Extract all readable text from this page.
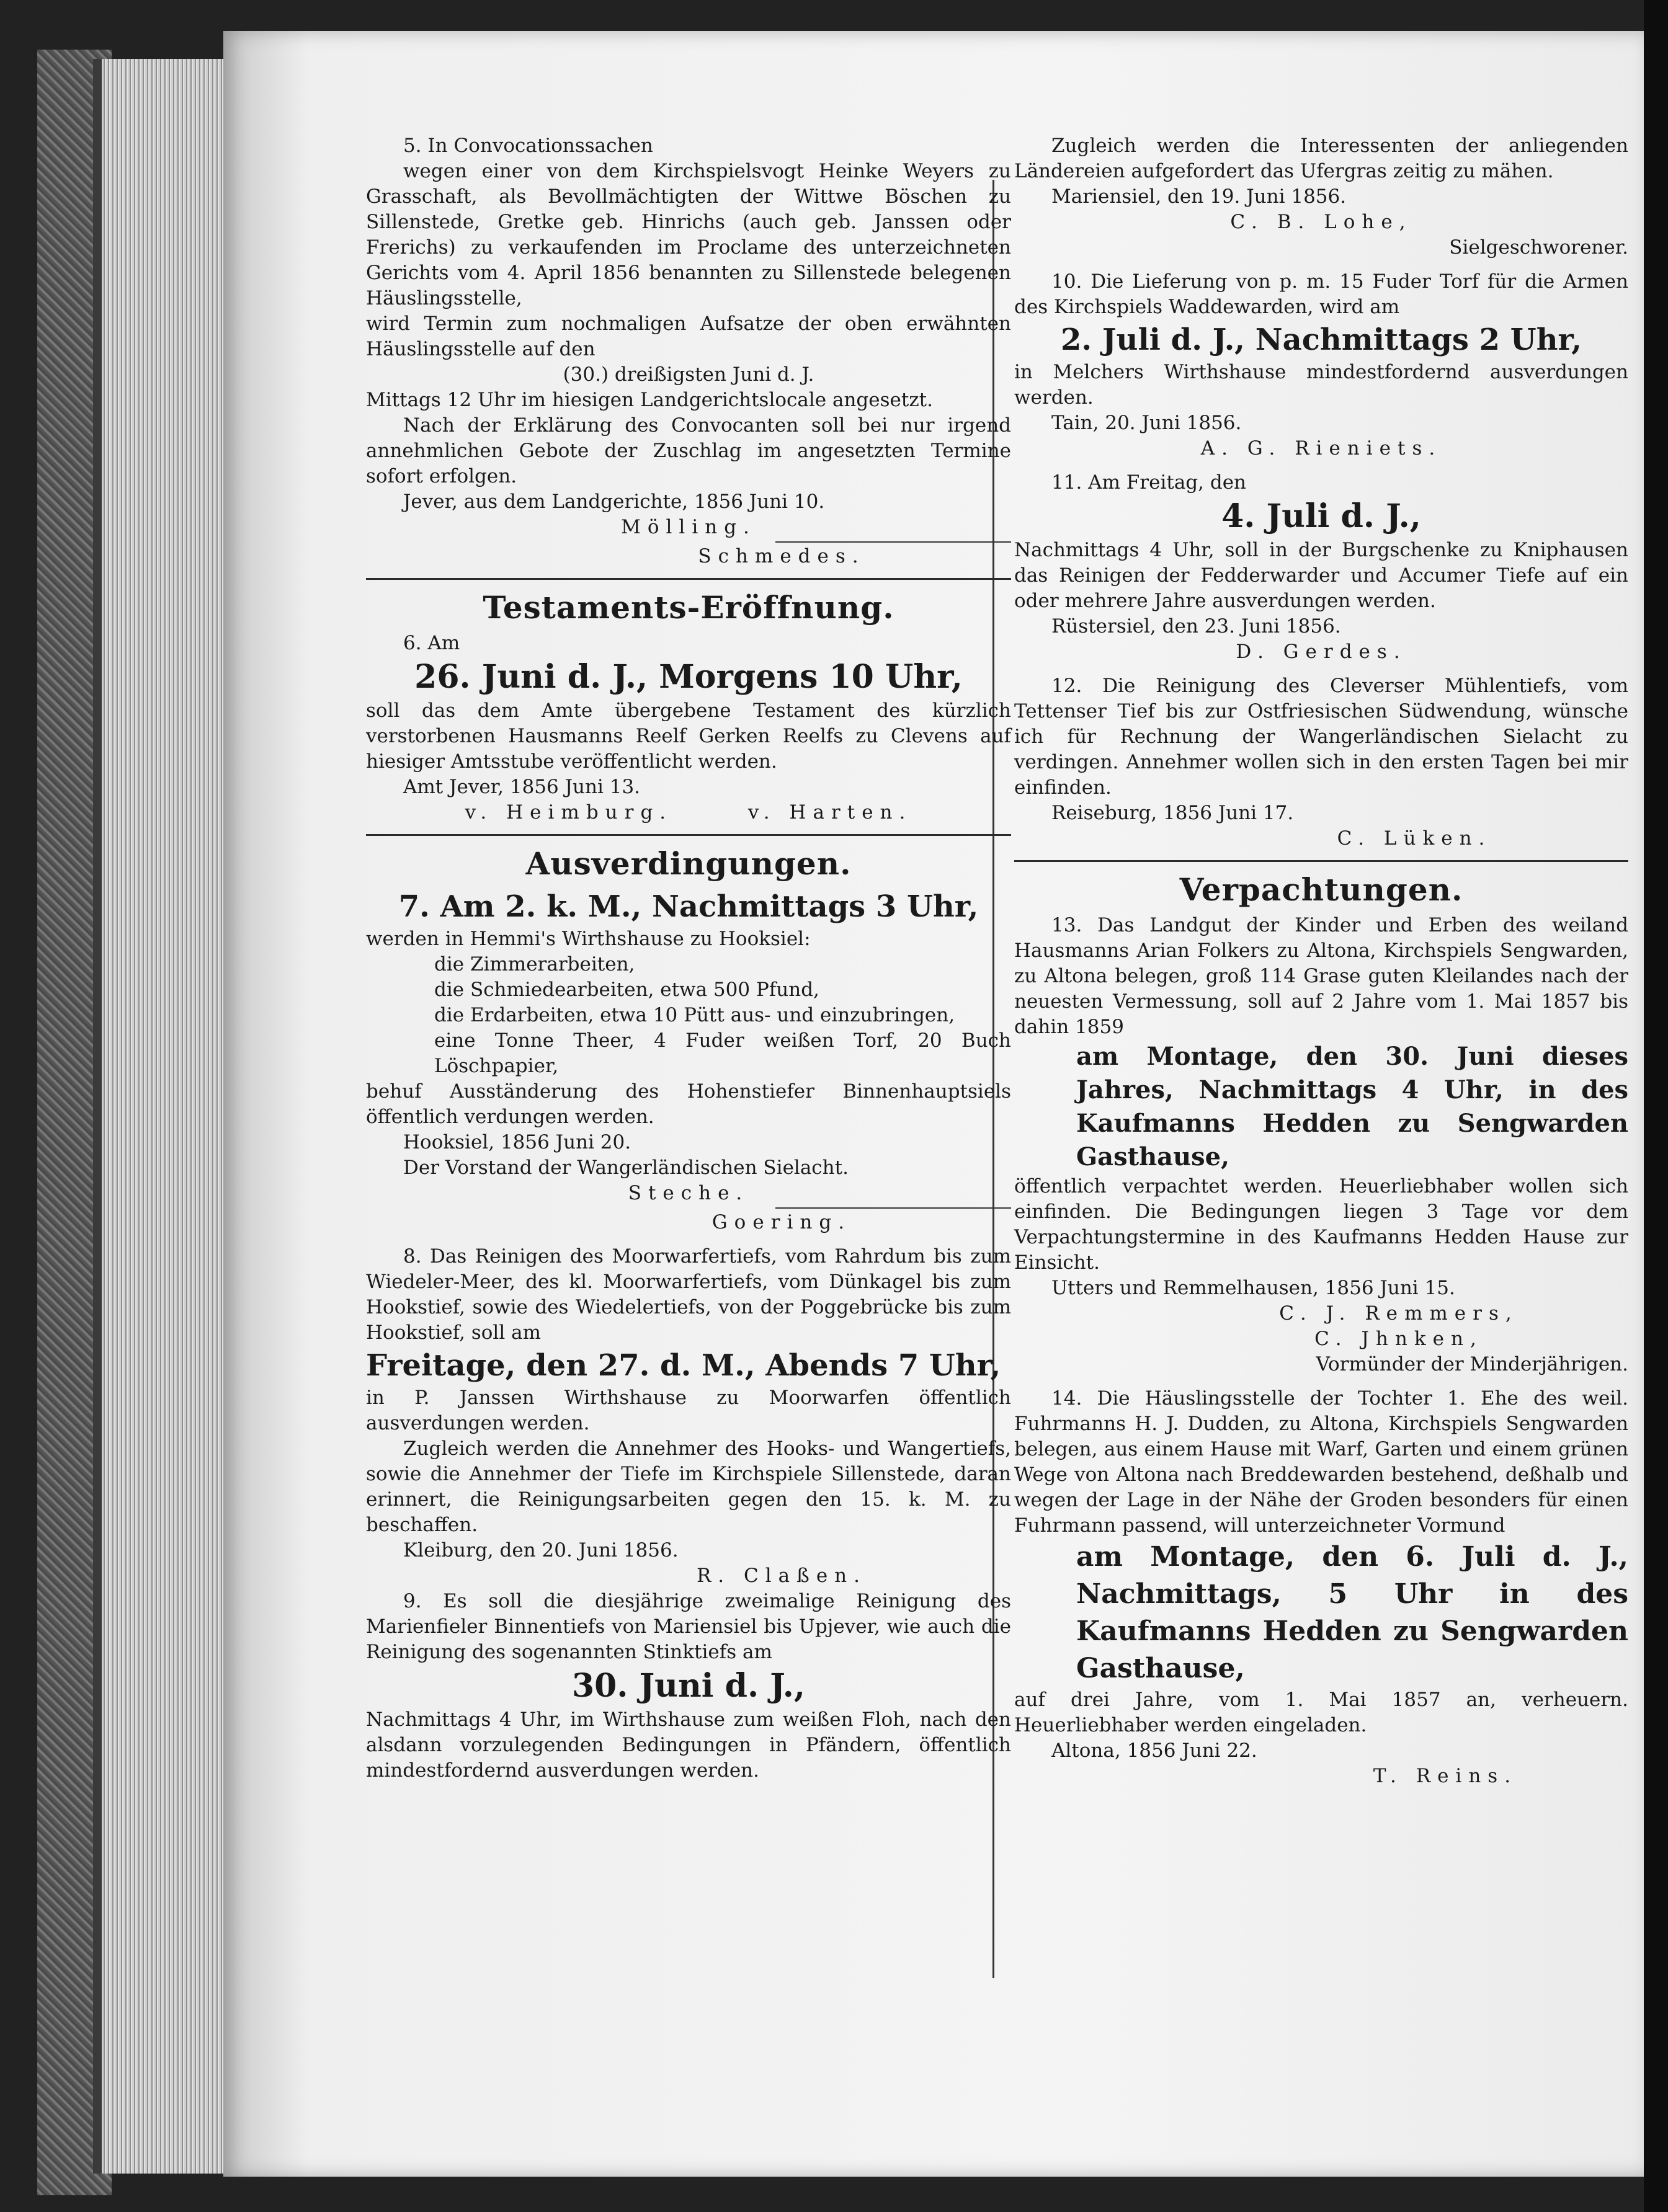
5. In Convocationssachen

wegen einer von dem Kirchspielsvogt Heinke Weyers zu Grasschaft, als Bevollmächtigten der Wittwe Böschen zu Sillenstede, Gretke geb. Hinrichs (auch geb. Janssen oder Frerichs) zu verkaufenden im Proclame des unterzeichneten Gerichts vom 4. April 1856 benannten zu Sillenstede belegenen Häuslingsstelle,

wird Termin zum nochmaligen Aufsatze der oben erwähnten Häuslingsstelle auf den

(30.) dreißigsten Juni d. J.

Mittags 12 Uhr im hiesigen Landgerichtslocale angesetzt.

Nach der Erklärung des Convocanten soll bei nur irgend annehmlichen Gebote der Zuschlag im angesetzten Termine sofort erfolgen.

Jever, aus dem Landgerichte, 1856 Juni 10.

Mölling.

Schmedes.

Testaments-Eröffnung.

6. Am

26. Juni d. J., Morgens 10 Uhr,

soll das dem Amte übergebene Testament des kürzlich verstorbenen Hausmanns Reelf Gerken Reelfs zu Clevens auf hiesiger Amtsstube veröffentlicht werden.

Amt Jever, 1856 Juni 13.

v. Heimburg.	v. Harten.

Ausverdingungen.

7. Am 2. k. M., Nachmittags 3 Uhr,

werden in Hemmi's Wirthshause zu Hooksiel:

die Zimmerarbeiten,

die Schmiedearbeiten, etwa 500 Pfund,

die Erdarbeiten, etwa 10 Pütt aus- und einzubringen,

eine Tonne Theer, 4 Fuder weißen Torf, 20 Buch Löschpapier,

behuf Ausständerung des Hohenstiefer Binnenhauptsiels öffentlich verdungen werden.

Hooksiel, 1856 Juni 20.

Der Vorstand der Wangerländischen Sielacht.

Steche.

Goering.

8. Das Reinigen des Moorwarfertiefs, vom Rahrdum bis zum Wiedeler-Meer, des kl. Moorwarfertiefs, vom Dünkagel bis zum Hookstief, sowie des Wiedelertiefs, von der Poggebrücke bis zum Hookstief, soll am

Freitage, den 27. d. M., Abends 7 Uhr,

in P. Janssen Wirthshause zu Moorwarfen öffentlich ausverdungen werden.

Zugleich werden die Annehmer des Hooks- und Wangertiefs, sowie die Annehmer der Tiefe im Kirchspiele Sillenstede, daran erinnert, die Reinigungsarbeiten gegen den 15. k. M. zu beschaffen.

Kleiburg, den 20. Juni 1856.

R. Claßen.

9. Es soll die diesjährige zweimalige Reinigung des Marienfieler Binnentiefs von Mariensiel bis Upjever, wie auch die Reinigung des sogenannten Stinktiefs am

30. Juni d. J.,

Nachmittags 4 Uhr, im Wirthshause zum weißen Floh, nach den alsdann vorzulegenden Bedingungen in Pfändern, öffentlich mindestfordernd ausverdungen werden.

Zugleich werden die Interessenten der anliegenden Ländereien aufgefordert das Ufergras zeitig zu mähen.

Mariensiel, den 19. Juni 1856.

C. B. Lohe,

Sielgeschworener.

10. Die Lieferung von p. m. 15 Fuder Torf für die Armen des Kirchspiels Waddewarden, wird am

2. Juli d. J., Nachmittags 2 Uhr,

in Melchers Wirthshause mindestfordernd ausverdungen werden.

Tain, 20. Juni 1856.

A. G. Rieniets.

11. Am Freitag, den

4. Juli d. J.,

Nachmittags 4 Uhr, soll in der Burgschenke zu Kniphausen das Reinigen der Fedderwarder und Accumer Tiefe auf ein oder mehrere Jahre ausverdungen werden.

Rüstersiel, den 23. Juni 1856.

D. Gerdes.

12. Die Reinigung des Cleverser Mühlentiefs, vom Tettenser Tief bis zur Ostfriesischen Südwendung, wünsche ich für Rechnung der Wangerländischen Sielacht zu verdingen. Annehmer wollen sich in den ersten Tagen bei mir einfinden.

Reiseburg, 1856 Juni 17.

C. Lüken.

Verpachtungen.

13. Das Landgut der Kinder und Erben des weiland Hausmanns Arian Folkers zu Altona, Kirchspiels Sengwarden, zu Altona belegen, groß 114 Grase guten Kleilandes nach der neuesten Vermessung, soll auf 2 Jahre vom 1. Mai 1857 bis dahin 1859

am Montage, den 30. Juni dieses Jahres, Nachmittags 4 Uhr, in des Kaufmanns Hedden zu Sengwarden Gasthause,

öffentlich verpachtet werden. Heuerliebhaber wollen sich einfinden. Die Bedingungen liegen 3 Tage vor dem Verpachtungstermine in des Kaufmanns Hedden Hause zur Einsicht.

Utters und Remmelhausen, 1856 Juni 15.

C. J. Remmers,

C. Jhnken,

Vormünder der Minderjährigen.

14. Die Häuslingsstelle der Tochter 1. Ehe des weil. Fuhrmanns H. J. Dudden, zu Altona, Kirchspiels Sengwarden belegen, aus einem Hause mit Warf, Garten und einem grünen Wege von Altona nach Breddewarden bestehend, deßhalb und wegen der Lage in der Nähe der Groden besonders für einen Fuhrmann passend, will unterzeichneter Vormund

am Montage, den 6. Juli d. J., Nachmittags, 5 Uhr in des Kaufmanns Hedden zu Sengwarden Gasthause,

auf drei Jahre, vom 1. Mai 1857 an, verheuern. Heuerliebhaber werden eingeladen.

Altona, 1856 Juni 22.

T. Reins.
